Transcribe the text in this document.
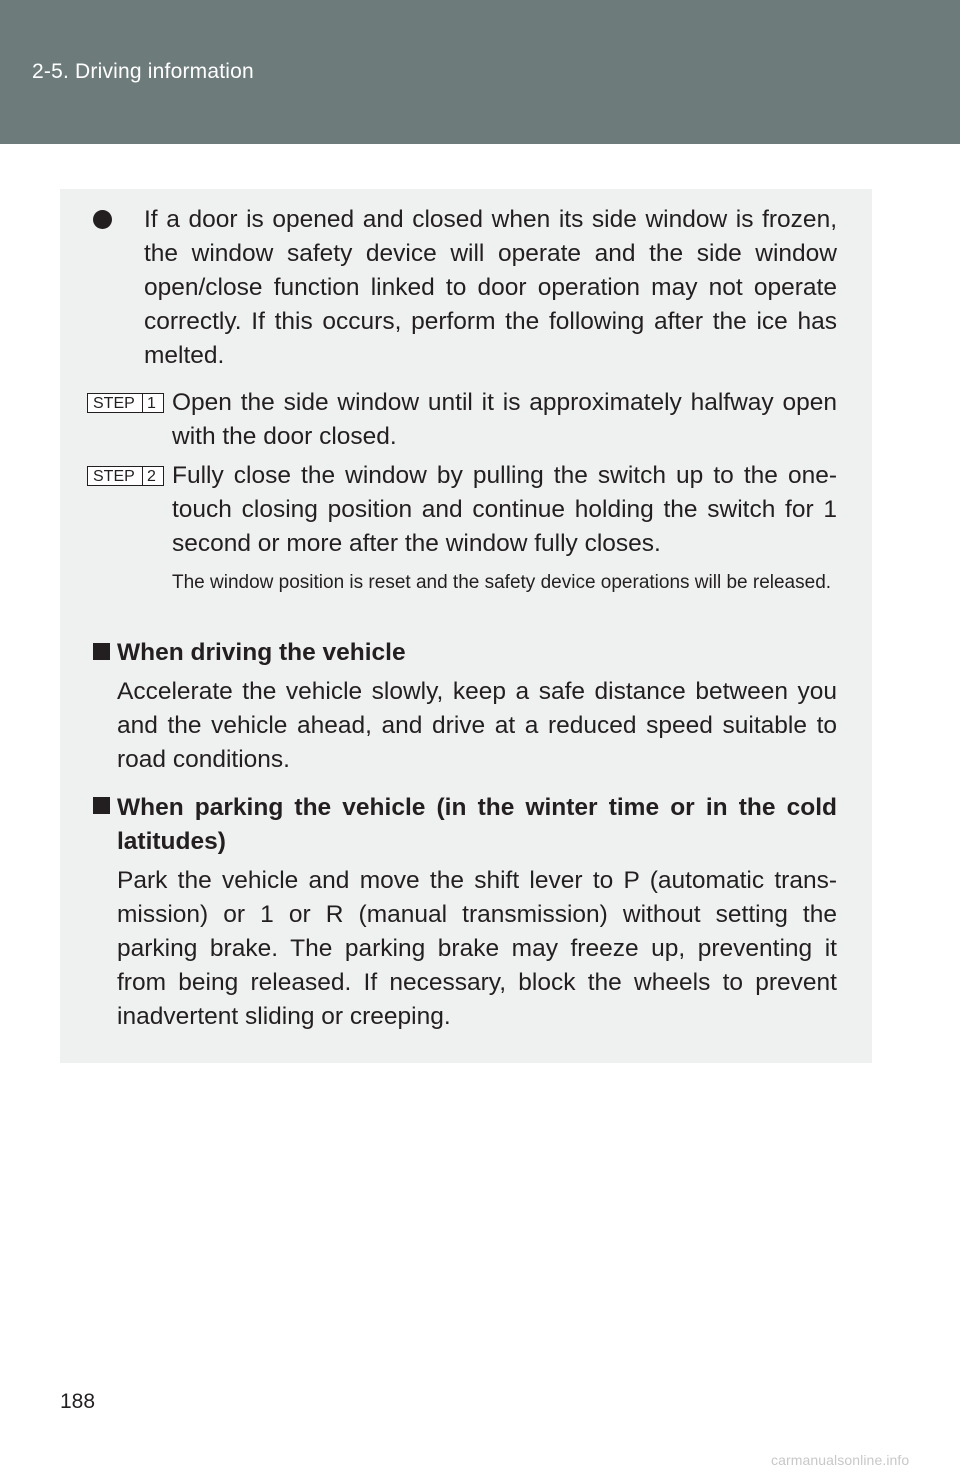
2-5. Driving information
If a door is opened and closed when its side window is frozen, the window safety device will operate and the side window open/close function linked to door operation may not operate correctly. If this occurs, perform the following after the ice has melted.
STEP 1 Open the side window until it is approximately halfway open with the door closed.
STEP 2 Fully close the window by pulling the switch up to the one-touch closing position and continue holding the switch for 1 second or more after the window fully closes.
The window position is reset and the safety device operations will be released.
When driving the vehicle
Accelerate the vehicle slowly, keep a safe distance between you and the vehicle ahead, and drive at a reduced speed suitable to road conditions.
When parking the vehicle (in the winter time or in the cold latitudes)
Park the vehicle and move the shift lever to P (automatic trans-mission) or 1 or R (manual transmission) without setting the parking brake. The parking brake may freeze up, preventing it from being released. If necessary, block the wheels to prevent inadvertent sliding or creeping.
188
carmanualsonline.info
